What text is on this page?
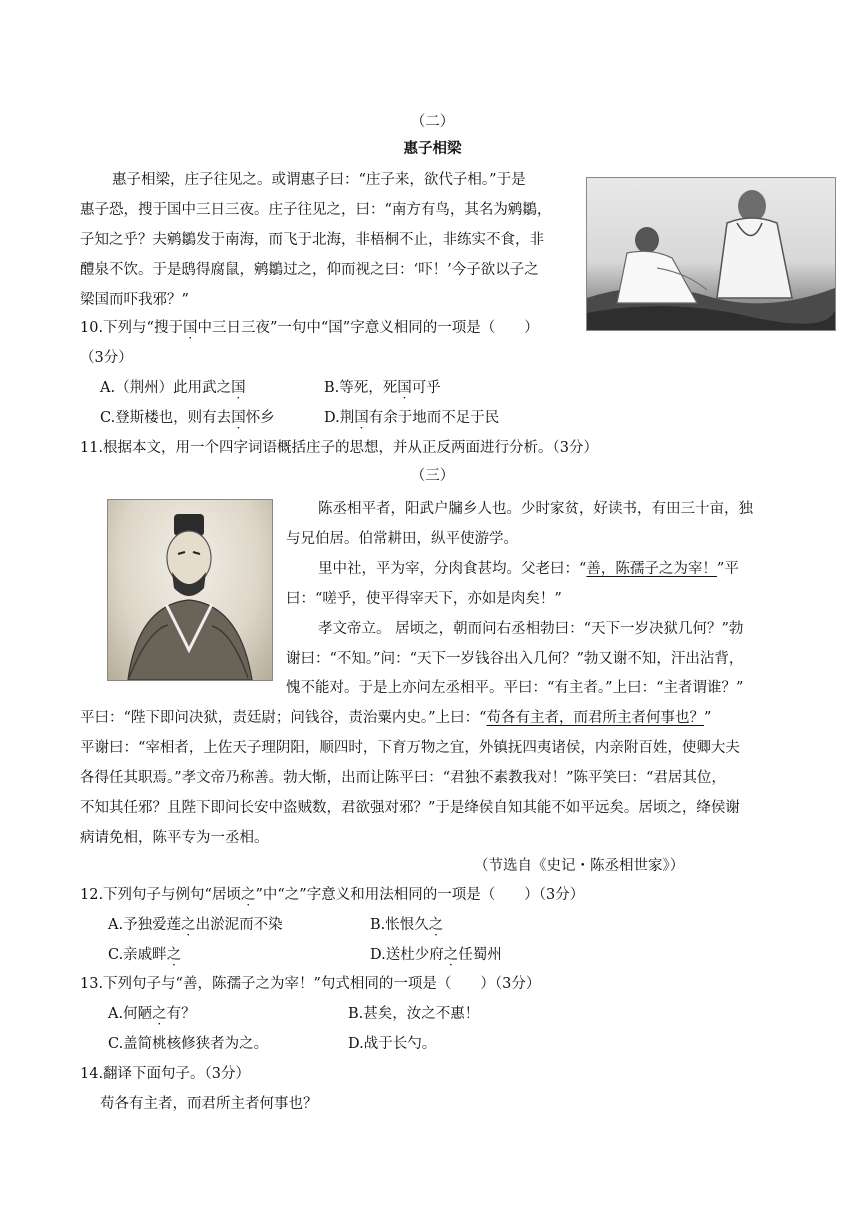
（二）
惠子相梁
惠子相梁，庄子往见之。或谓惠子曰：“庄子来，欲代子相。”于是
惠子恐，搜于国中三日三夜。庄子往见之，曰：“南方有鸟，其名为鹓鶵，
子知之乎？夫鹓鶵发于南海，而飞于北海，非梧桐不止，非练实不食，非
醴泉不饮。于是鸱得腐鼠，鹓鶵过之，仰而视之曰：‘吓！’今子欲以子之
梁国而吓我邪？”
10.下列与“搜于国中三日三夜”一句中“国”字意义相同的一项是（　　）
（3分）
A.（荆州）此用武之国	B.等死，死国可乎
C.登斯楼也，则有去国怀乡	D.荆国有余于地而不足于民
11.根据本文，用一个四字词语概括庄子的思想，并从正反两面进行分析。（3分）
（三）
陈丞相平者，阳武户牖乡人也。少时家贫，好读书，有田三十亩，独
与兄伯居。伯常耕田，纵平使游学。
里中社，平为宰，分肉食甚均。父老曰：“善，陈孺子之为宰！”平
曰：“嗟乎，使平得宰天下，亦如是肉矣！”
孝文帝立。 居顷之，朝而问右丞相勃曰：“天下一岁决狱几何？”勃
谢曰：“不知。”问：“天下一岁钱谷出入几何？”勃又谢不知，汗出沾背，
愧不能对。于是上亦问左丞相平。平曰：“有主者。”上曰：“主者谓谁？”
平曰：“陛下即问决狱，责廷尉；问钱谷，责治粟内史。”上曰：“苟各有主者，而君所主者何事也？”
平谢曰：“宰相者，上佐天子理阴阳，顺四时，下育万物之宜，外镇抚四夷诸侯，内亲附百姓，使卿大夫
各得任其职焉。”孝文帝乃称善。勃大惭，出而让陈平曰：“君独不素教我对！”陈平笑曰：“君居其位，
不知其任邪？且陛下即问长安中盗贼数，君欲强对邪？”于是绛侯自知其能不如平远矣。居顷之，绛侯谢
病请免相，陈平专为一丞相。
（节选自《史记・陈丞相世家》）
12.下列句子与例句“居顷之”中“之”字意义和用法相同的一项是（　　）（3分）
A.予独爱莲之出淤泥而不染	B.怅恨久之
C.亲戚畔之	D.送杜少府之任蜀州
13.下列句子与“善，陈孺子之为宰！”句式相同的一项是（　　）（3分）
A.何陋之有？	B.甚矣，汝之不惠！
C.盖简桃核修狭者为之。	D.战于长勺。
14.翻译下面句子。（3分）
苟各有主者，而君所主者何事也？
